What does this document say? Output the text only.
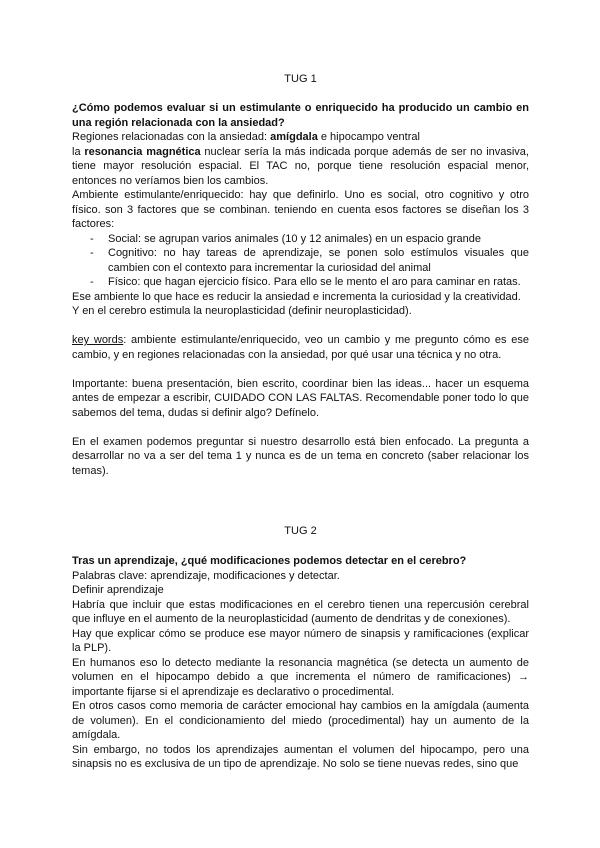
TUG 1

¿Cómo podemos evaluar si un estimulante o enriquecido ha producido un cambio en una región relacionada con la ansiedad?

Regiones relacionadas con la ansiedad: amígdala e hipocampo ventral

la resonancia magnética nuclear sería la más indicada porque además de ser no invasiva, tiene mayor resolución espacial. El TAC no, porque tiene resolución espacial menor, entonces no veríamos bien los cambios.

Ambiente estimulante/enriquecido: hay que definirlo. Uno es social, otro cognitivo y otro físico. son 3 factores que se combinan. teniendo en cuenta esos factores se diseñan los 3 factores:

- Social: se agrupan varios animales (10 y 12 animales) en un espacio grande
- Cognitivo: no hay tareas de aprendizaje, se ponen solo estímulos visuales que cambien con el contexto para incrementar la curiosidad del animal
- Físico: que hagan ejercicio físico. Para ello se le mento el aro para caminar en ratas.

Ese ambiente lo que hace es reducir la ansiedad e incrementa la curiosidad y la creatividad.

Y en el cerebro estimula la neuroplasticidad (definir neuroplasticidad).

key words: ambiente estimulante/enriquecido, veo un cambio y me pregunto cómo es ese cambio, y en regiones relacionadas con la ansiedad, por qué usar una técnica y no otra.

Importante: buena presentación, bien escrito, coordinar bien las ideas... hacer un esquema antes de empezar a escribir, CUIDADO CON LAS FALTAS. Recomendable poner todo lo que sabemos del tema, dudas si definir algo? Defínelo.

En el examen podemos preguntar si nuestro desarrollo está bien enfocado. La pregunta a desarrollar no va a ser del tema 1 y nunca es de un tema en concreto (saber relacionar los temas).

TUG 2

Tras un aprendizaje, ¿qué modificaciones podemos detectar en el cerebro?

Palabras clave: aprendizaje, modificaciones y detectar.

Definir aprendizaje

Habría que incluir que estas modificaciones en el cerebro tienen una repercusión cerebral que influye en el aumento de la neuroplasticidad (aumento de dendritas y de conexiones).

Hay que explicar cómo se produce ese mayor número de sinapsis y ramificaciones (explicar la PLP).

En humanos eso lo detecto mediante la resonancia magnética (se detecta un aumento de volumen en el hipocampo debido a que incrementa el número de ramificaciones) → importante fijarse si el aprendizaje es declarativo o procedimental.

En otros casos como memoria de carácter emocional hay cambios en la amígdala (aumenta de volumen). En el condicionamiento del miedo (procedimental) hay un aumento de la amígdala.

Sin embargo, no todos los aprendizajes aumentan el volumen del hipocampo, pero una sinapsis no es exclusiva de un tipo de aprendizaje. No solo se tiene nuevas redes, sino que
